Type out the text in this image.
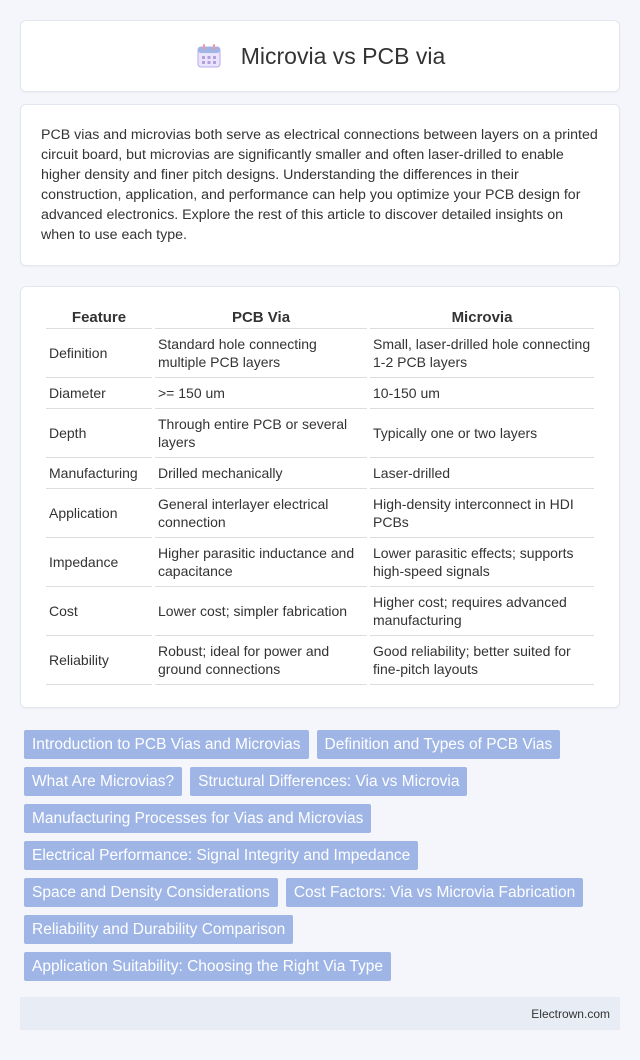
Microvia vs PCB via

PCB vias and microvias both serve as electrical connections between layers on a printed circuit board, but microvias are significantly smaller and often laser-drilled to enable higher density and finer pitch designs. Understanding the differences in their construction, application, and performance can help you optimize your PCB design for advanced electronics. Explore the rest of this article to discover detailed insights on when to use each type.

Feature	PCB Via	Microvia
Definition	Standard hole connecting multiple PCB layers	Small, laser-drilled hole connecting 1-2 PCB layers
Diameter	>= 150 um	10-150 um
Depth	Through entire PCB or several layers	Typically one or two layers
Manufacturing	Drilled mechanically	Laser-drilled
Application	General interlayer electrical connection	High-density interconnect in HDI PCBs
Impedance	Higher parasitic inductance and capacitance	Lower parasitic effects; supports high-speed signals
Cost	Lower cost; simpler fabrication	Higher cost; requires advanced manufacturing
Reliability	Robust; ideal for power and ground connections	Good reliability; better suited for fine-pitch layouts
Introduction to PCB Vias and Microvias	Definition and Types of PCB Vias
What Are Microvias?	Structural Differences: Via vs Microvia
Manufacturing Processes for Vias and Microvias
Electrical Performance: Signal Integrity and Impedance
Space and Density Considerations	Cost Factors: Via vs Microvia Fabrication
Reliability and Durability Comparison
Application Suitability: Choosing the Right Via Type
Electrown.com
